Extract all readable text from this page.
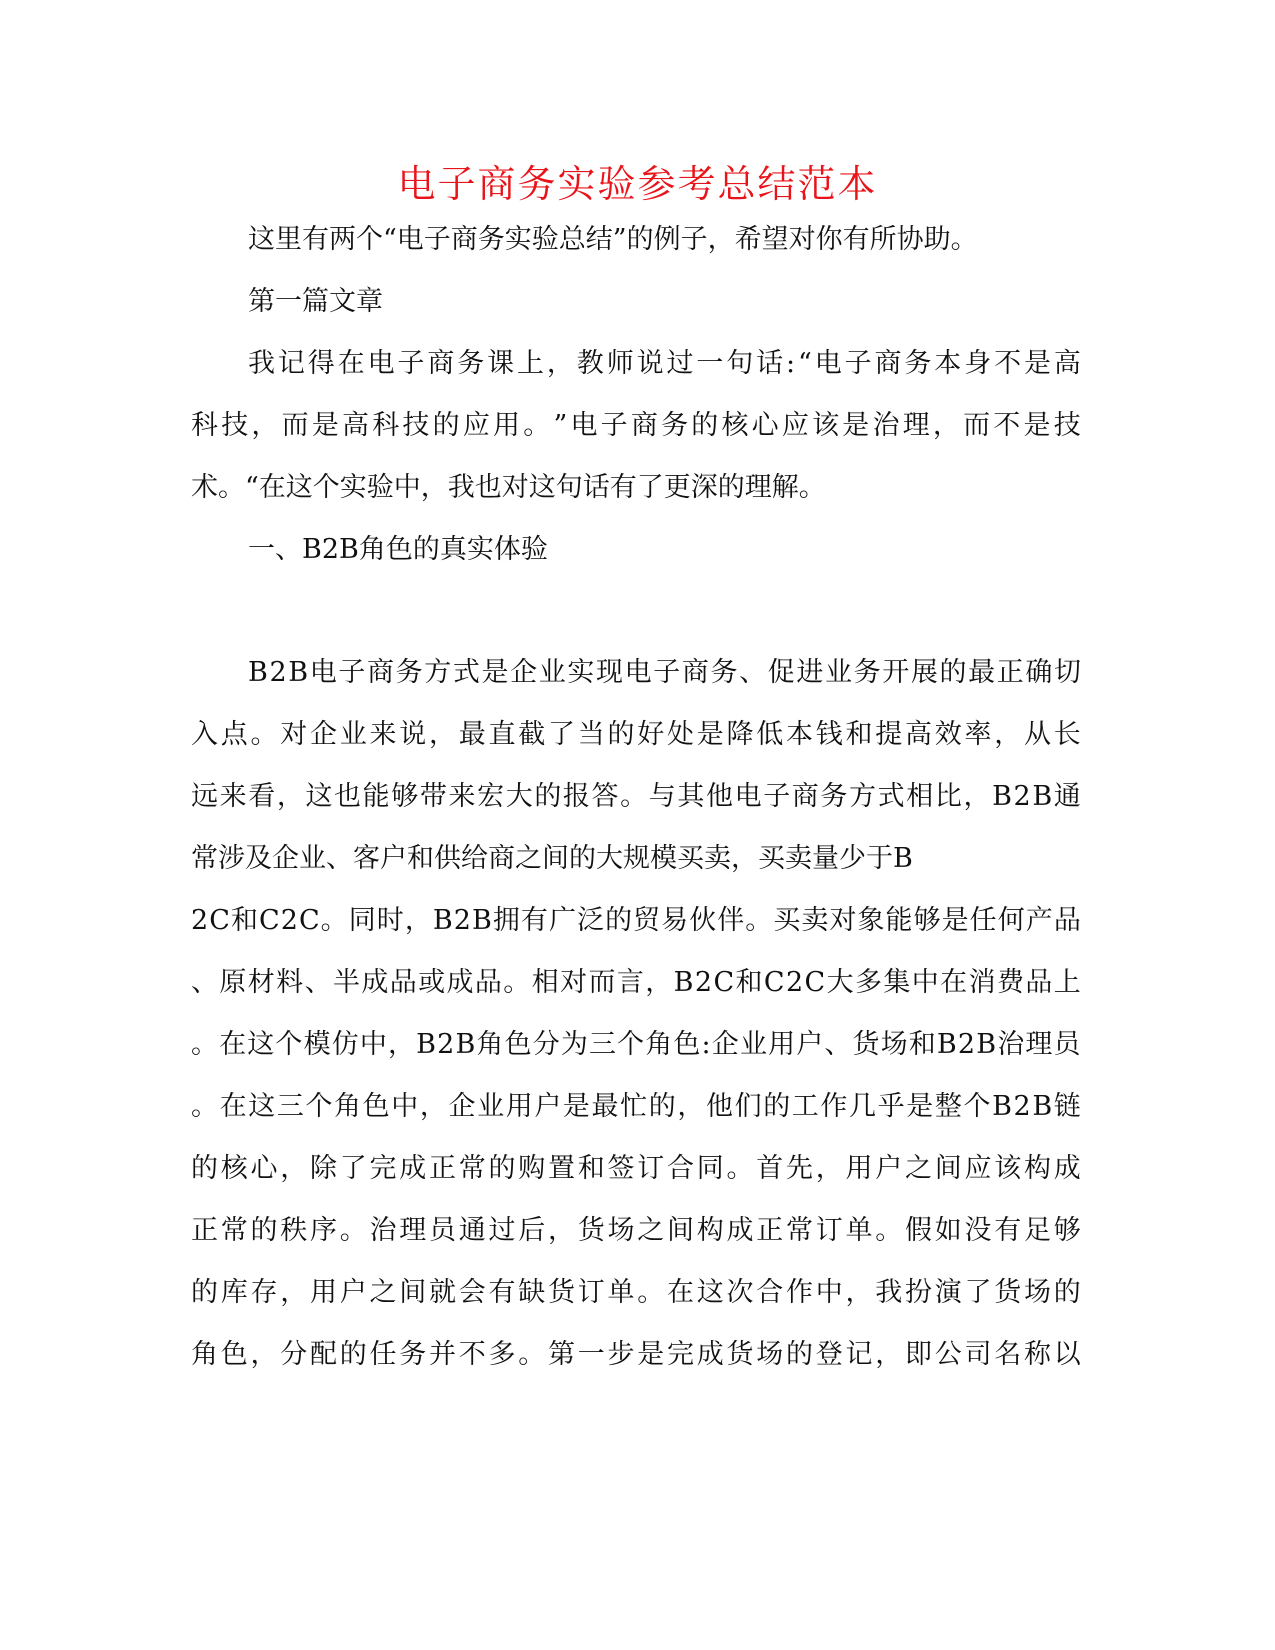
电子商务实验参考总结范本
这里有两个“电子商务实验总结”的例子，希望对你有所协助。
第一篇文章
我 记 得 在 电 子 商 务 课 上 ， 教 师 说 过 一 句 话 : “ 电 子 商 务 本 身 不 是 高
科 技 ， 而 是 高 科 技 的 应 用 。 ” 电 子 商 务 的 核 心 应 该 是 治 理 ， 而 不 是 技
术。“在这个实验中，我也对这句话有了更深的理解。
一、B2B角色的真实体验
B 2 B 电 子 商 务 方 式 是 企 业 实 现 电 子 商 务 、 促 进 业 务 开 展 的 最 正 确 切
入 点 。 对 企 业 来 说 ， 最 直 截 了 当 的 好 处 是 降 低 本 钱 和 提 高 效 率 ， 从 长
远 来 看 ， 这 也 能 够 带 来 宏 大 的 报 答 。 与 其 他 电 子 商 务 方 式 相 比 ， B 2 B 通
常涉及企业、客户和供给商之间的大规模买卖，买卖量少于B
2 C 和 C 2 C 。 同 时 ， B 2 B 拥 有 广 泛 的 贸 易 伙 伴 。 买 卖 对 象 能 够 是 任 何 产 品
、 原 材 料 、 半 成 品 或 成 品 。 相 对 而 言 ， B 2 C 和 C 2 C 大 多 集 中 在 消 费 品 上
。 在 这 个 模 仿 中 ， B 2 B 角 色 分 为 三 个 角 色 : 企 业 用 户 、 货 场 和 B 2 B 治 理 员
。 在 这 三 个 角 色 中 ， 企 业 用 户 是 最 忙 的 ， 他 们 的 工 作 几 乎 是 整 个 B 2 B 链
的 核 心 ， 除 了 完 成 正 常 的 购 置 和 签 订 合 同 。 首 先 ， 用 户 之 间 应 该 构 成
正 常 的 秩 序 。 治 理 员 通 过 后 ， 货 场 之 间 构 成 正 常 订 单 。 假 如 没 有 足 够
的 库 存 ， 用 户 之 间 就 会 有 缺 货 订 单 。 在 这 次 合 作 中 ， 我 扮 演 了 货 场 的
角 色 ， 分 配 的 任 务 并 不 多 。 第 一 步 是 完 成 货 场 的 登 记 ， 即 公 司 名 称 以
